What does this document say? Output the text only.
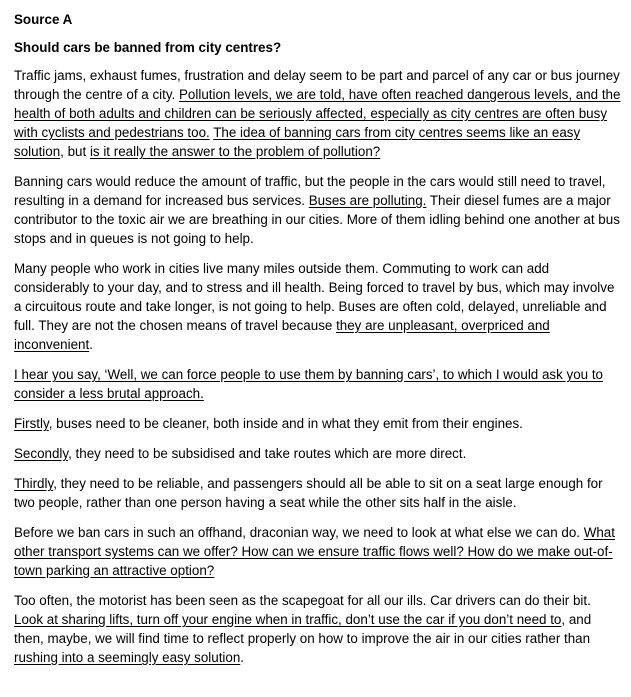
Source A

Should cars be banned from city centres?

Traffic jams, exhaust fumes, frustration and delay seem to be part and parcel of any car or bus journey through the centre of a city. Pollution levels, we are told, have often reached dangerous levels, and the health of both adults and children can be seriously affected, especially as city centres are often busy with cyclists and pedestrians too. The idea of banning cars from city centres seems like an easy solution, but is it really the answer to the problem of pollution?

Banning cars would reduce the amount of traffic, but the people in the cars would still need to travel, resulting in a demand for increased bus services. Buses are polluting. Their diesel fumes are a major contributor to the toxic air we are breathing in our cities. More of them idling behind one another at bus stops and in queues is not going to help.

Many people who work in cities live many miles outside them. Commuting to work can add considerably to your day, and to stress and ill health. Being forced to travel by bus, which may involve a circuitous route and take longer, is not going to help. Buses are often cold, delayed, unreliable and full. They are not the chosen means of travel because they are unpleasant, overpriced and inconvenient.

I hear you say, ‘Well, we can force people to use them by banning cars’, to which I would ask you to consider a less brutal approach.

Firstly, buses need to be cleaner, both inside and in what they emit from their engines.

Secondly, they need to be subsidised and take routes which are more direct.

Thirdly, they need to be reliable, and passengers should all be able to sit on a seat large enough for two people, rather than one person having a seat while the other sits half in the aisle.

Before we ban cars in such an offhand, draconian way, we need to look at what else we can do. What other transport systems can we offer? How can we ensure traffic flows well? How do we make out-of-town parking an attractive option?

Too often, the motorist has been seen as the scapegoat for all our ills. Car drivers can do their bit. Look at sharing lifts, turn off your engine when in traffic, don’t use the car if you don’t need to, and then, maybe, we will find time to reflect properly on how to improve the air in our cities rather than rushing into a seemingly easy solution.
